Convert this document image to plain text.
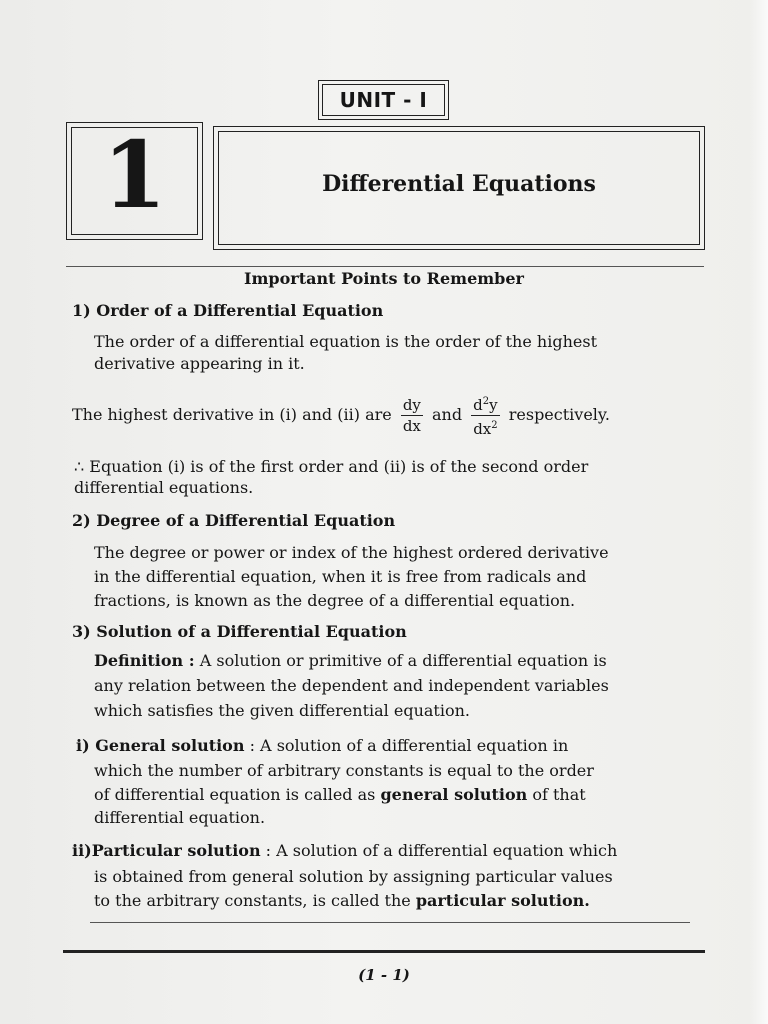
UNIT - I
1	Differential Equations
Important Points to Remember
1) Order of a Differential Equation
The order of a differential equation is the order of the highest
derivative appearing in it.
The highest derivative in (i) and (ii) are $\frac{dy}{dx}$ and $\frac{d^2y}{dx^2}$ respectively.
∴ Equation (i) is of the first order and (ii) is of the second order
differential equations.
2) Degree of a Differential Equation
The degree or power or index of the highest ordered derivative
in the differential equation, when it is free from radicals and
fractions, is known as the degree of a differential equation.
3) Solution of a Differential Equation
Definition : A solution or primitive of a differential equation is
any relation between the dependent and independent variables
which satisfies the given differential equation.
i) General solution : A solution of a differential equation in
which the number of arbitrary constants is equal to the order
of differential equation is called as general solution of that
differential equation.
ii)Particular solution : A solution of a differential equation which
is obtained from general solution by assigning particular values
to the arbitrary constants, is called the particular solution.
(1 - 1)
